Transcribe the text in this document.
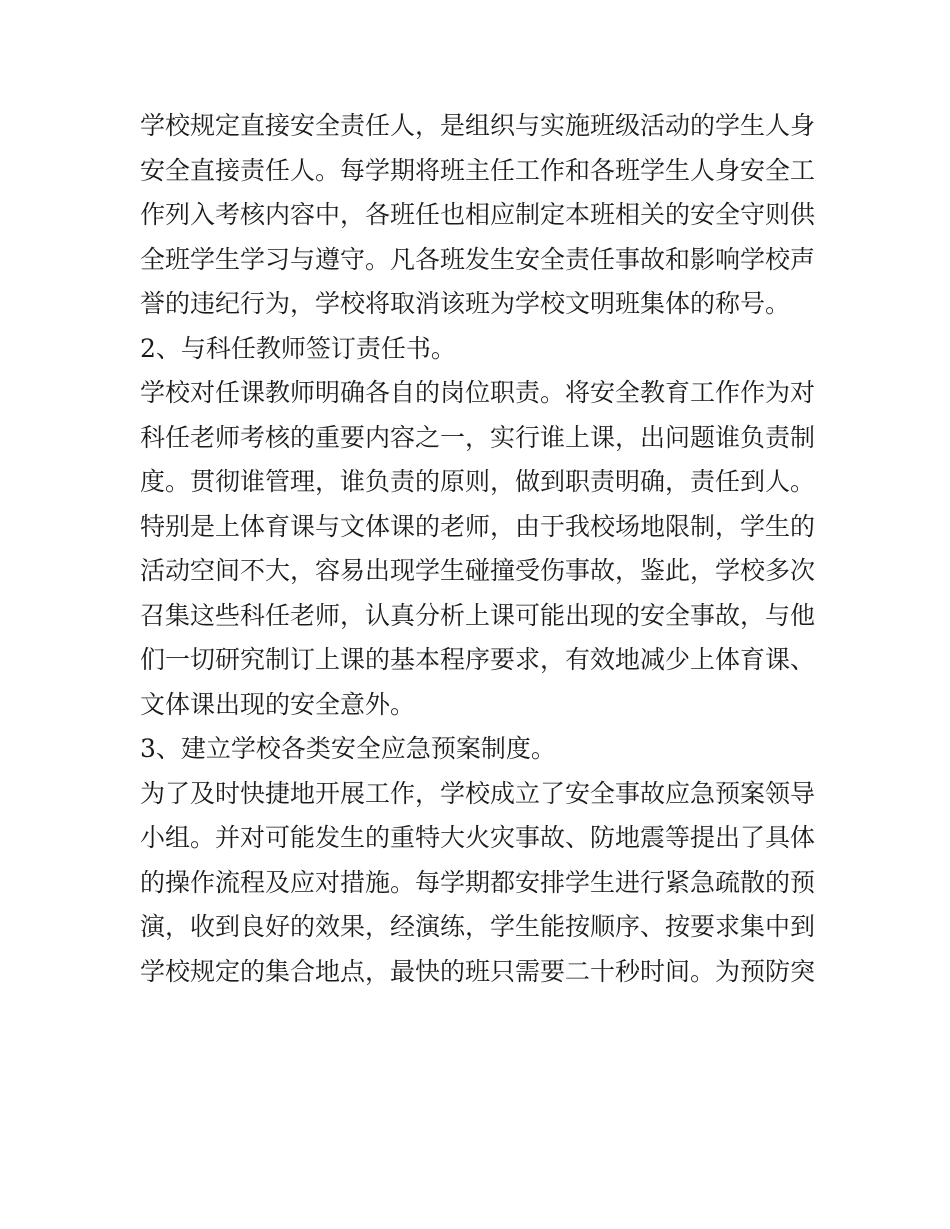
学校规定直接安全责任人，是组织与实施班级活动的学生人身
安全直接责任人。每学期将班主任工作和各班学生人身安全工
作列入考核内容中，各班任也相应制定本班相关的安全守则供
全班学生学习与遵守。凡各班发生安全责任事故和影响学校声
誉的违纪行为，学校将取消该班为学校文明班集体的称号。
2、与科任教师签订责任书。
学校对任课教师明确各自的岗位职责。将安全教育工作作为对
科任老师考核的重要内容之一，实行谁上课，出问题谁负责制
度。贯彻谁管理，谁负责的原则，做到职责明确，责任到人。
特别是上体育课与文体课的老师，由于我校场地限制，学生的
活动空间不大，容易出现学生碰撞受伤事故，鉴此，学校多次
召集这些科任老师，认真分析上课可能出现的安全事故，与他
们一切研究制订上课的基本程序要求，有效地减少上体育课、
文体课出现的安全意外。
3、建立学校各类安全应急预案制度。
为了及时快捷地开展工作，学校成立了安全事故应急预案领导
小组。并对可能发生的重特大火灾事故、防地震等提出了具体
的操作流程及应对措施。每学期都安排学生进行紧急疏散的预
演，收到良好的效果，经演练，学生能按顺序、按要求集中到
学校规定的集合地点，最快的班只需要二十秒时间。为预防突
